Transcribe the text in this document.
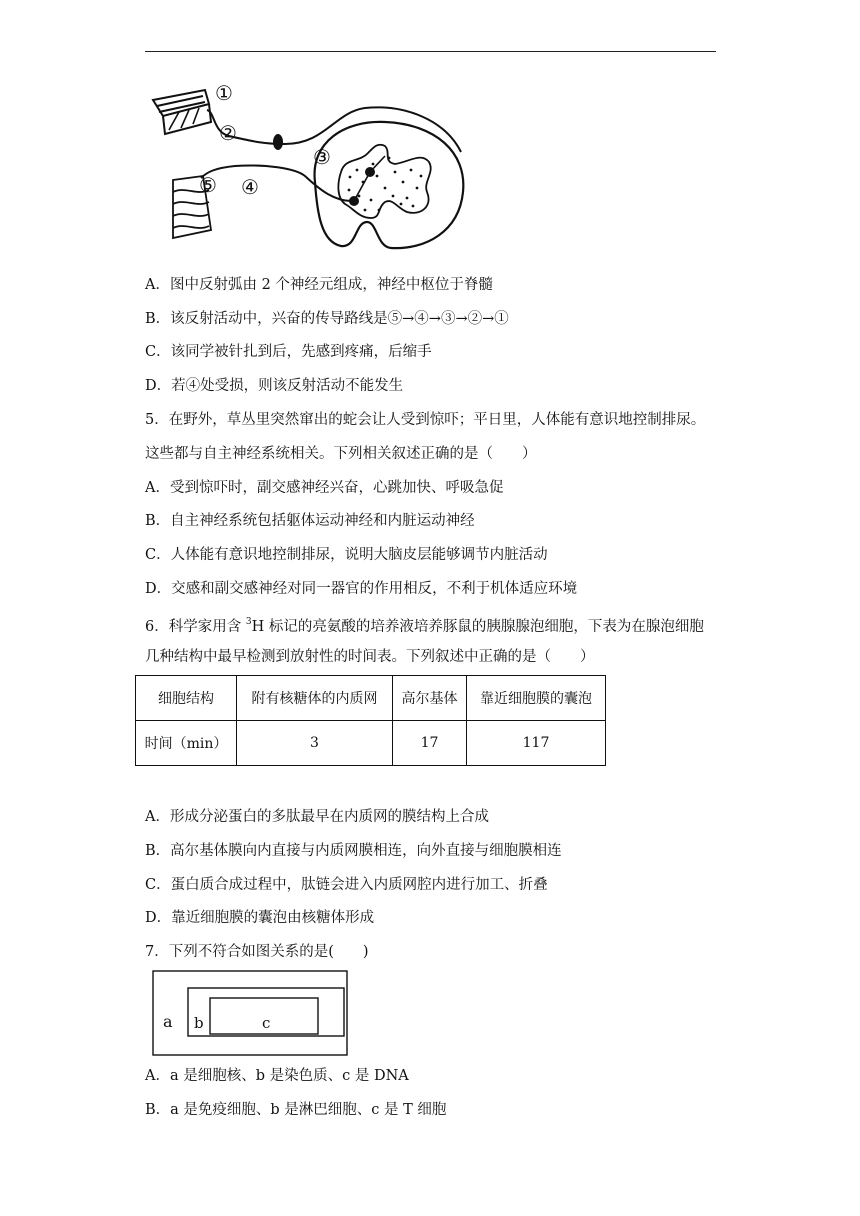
①
②
③
④
⑤
A．图中反射弧由 2 个神经元组成，神经中枢位于脊髓
B．该反射活动中，兴奋的传导路线是⑤→④→③→②→①
C．该同学被针扎到后，先感到疼痛，后缩手
D．若④处受损，则该反射活动不能发生
5．在野外，草丛里突然窜出的蛇会让人受到惊吓；平日里，人体能有意识地控制排尿。
这些都与自主神经系统相关。下列相关叙述正确的是（　　）
A．受到惊吓时，副交感神经兴奋，心跳加快、呼吸急促
B．自主神经系统包括躯体运动神经和内脏运动神经
C．人体能有意识地控制排尿，说明大脑皮层能够调节内脏活动
D．交感和副交感神经对同一器官的作用相反，不利于机体适应环境
6．科学家用含 $^3$H 标记的亮氨酸的培养液培养豚鼠的胰腺腺泡细胞，下表为在腺泡细胞
几种结构中最早检测到放射性的时间表。下列叙述中正确的是（　　）
细胞结构	附有核糖体的内质网	高尔基体	靠近细胞膜的囊泡
时间（min）	3	17	117
A．形成分泌蛋白的多肽最早在内质网的膜结构上合成
B．高尔基体膜向内直接与内质网膜相连，向外直接与细胞膜相连
C．蛋白质合成过程中，肽链会进入内质网腔内进行加工、折叠
D．靠近细胞膜的囊泡由核糖体形成
7．下列不符合如图关系的是(　　)
a b	c
A．a 是细胞核、b 是染色质、c 是 DNA
B．a 是免疫细胞、b 是淋巴细胞、c 是 T 细胞
